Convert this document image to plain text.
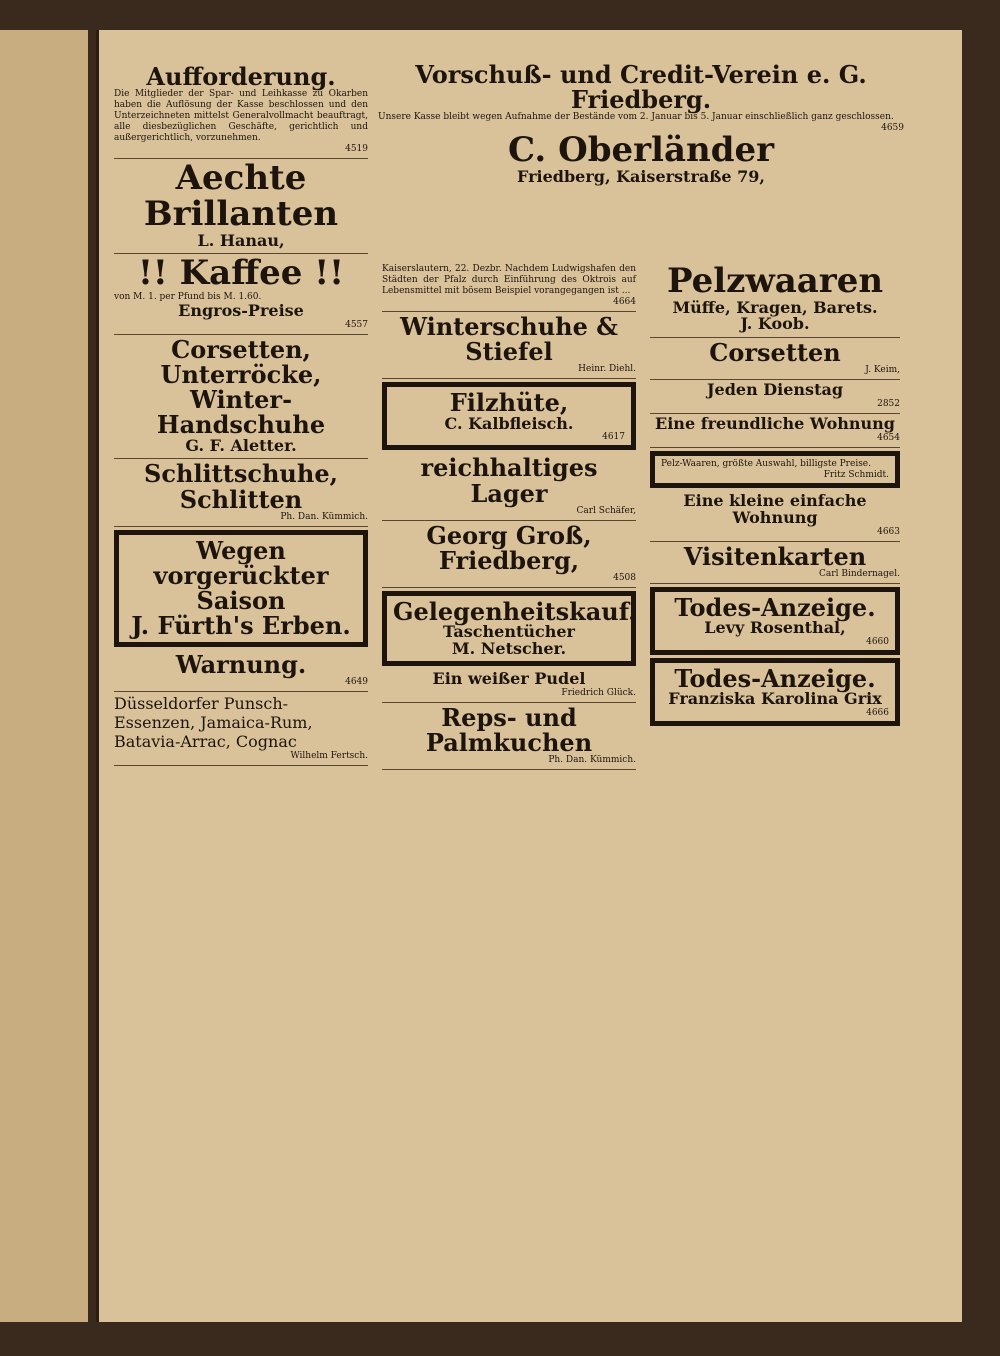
Aufforderung.
Die Mitglieder der Spar- und Leihkasse zu Okarben haben die Auflösung der Kasse beschlossen und den Unterzeichneten mittelst Generalvollmacht beauftragt, alle diesbezüglichen Geschäfte, gerichtlich und außergerichtlich, vorzunehmen.
4519
Aechte Brillanten
L. Hanau,
!! Kaffee !!
von M. 1. per Pfund bis M. 1.60.
Engros-Preise
4557
Corsetten, Unterröcke, Winter-Handschuhe
G. F. Aletter.
Schlittschuhe, Schlitten
Ph. Dan. Kümmich.
Wegen vorgerückter Saison
J. Fürth's Erben.
Warnung.
4649
Düsseldorfer Punsch-Essenzen, Jamaica-Rum, Batavia-Arrac, Cognac
Wilhelm Fertsch.
Vorschuß- und Credit-Verein e. G. Friedberg.
Unsere Kasse bleibt wegen Aufnahme der Bestände vom 2. Januar bis 5. Januar einschließlich ganz geschlossen.
4659
C. Oberländer
Friedberg, Kaiserstraße 79,
Kaiserslautern, 22. Dezbr. Nachdem Ludwigshafen den Städten der Pfalz durch Einführung des Oktrois auf Lebensmittel mit bösem Beispiel vorangegangen ist ...
4664
Winterschuhe & Stiefel
Heinr. Diehl.
Filzhüte,
C. Kalbfleisch.
4617
reichhaltiges Lager
Carl Schäfer,
Georg Groß, Friedberg,
4508
Gelegenheitskauf.
Taschentücher
M. Netscher.
Ein weißer Pudel
Friedrich Glück.
Reps- und Palmkuchen
Ph. Dan. Kümmich.
Pelzwaaren
Müffe, Kragen, Barets.
J. Koob.
Corsetten
J. Keim,
Jeden Dienstag
2852
Eine freundliche Wohnung
4654
Pelz-Waaren, größte Auswahl, billigste Preise.
Fritz Schmidt.
Eine kleine einfache Wohnung
4663
Visitenkarten
Carl Bindernagel.
Todes-Anzeige.
Levy Rosenthal,
4660
Todes-Anzeige.
Franziska Karolina Grix
4666
